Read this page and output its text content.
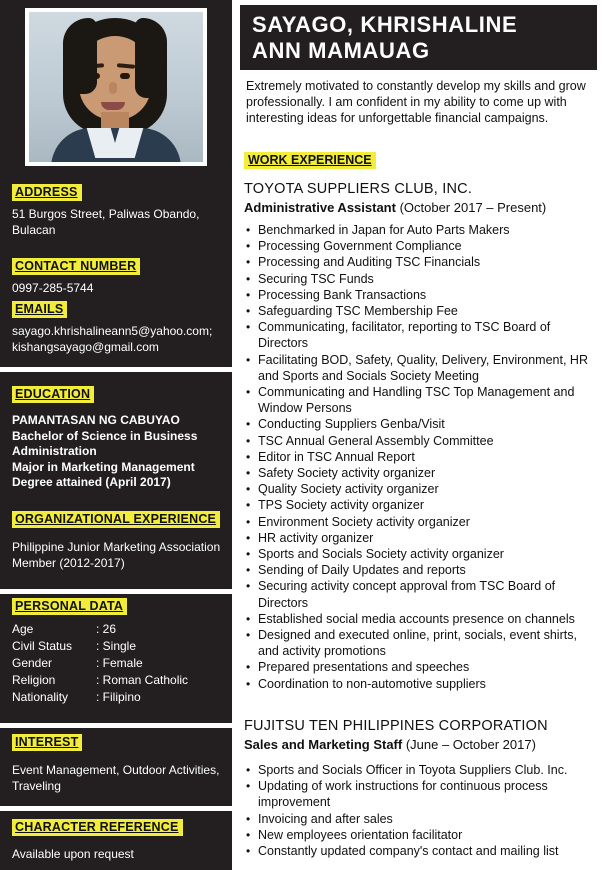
ADDRESS
51 Burgos Street, Paliwas Obando, Bulacan
CONTACT NUMBER
0997-285-5744
EMAILS
sayago.khrishalineann5@yahoo.com; kishangsayago@gmail.com
EDUCATION
PAMANTASAN NG CABUYAO
Bachelor of Science in Business Administration
Major in Marketing Management
Degree attained (April 2017)
ORGANIZATIONAL EXPERIENCE
Philippine Junior Marketing Association Member (2012-2017)
PERSONAL DATA
Age	: 26
Civil Status	: Single
Gender	: Female
Religion	: Roman Catholic
Nationality	: Filipino
INTEREST
Event Management, Outdoor Activities, Traveling
CHARACTER REFERENCE
Available upon request
SAYAGO, KHRISHALINE
ANN MAMAUAG
Extremely motivated to constantly develop my skills and grow professionally. I am confident in my ability to come up with interesting ideas for unforgettable financial campaigns.
WORK EXPERIENCE
TOYOTA SUPPLIERS CLUB, INC.
Administrative Assistant (October 2017 – Present)
• Benchmarked in Japan for Auto Parts Makers
• Processing Government Compliance
• Processing and Auditing TSC Financials
• Securing TSC Funds
• Processing Bank Transactions
• Safeguarding TSC Membership Fee
• Communicating, facilitator, reporting to TSC Board of Directors
• Facilitating BOD, Safety, Quality, Delivery, Environment, HR and Sports and Socials Society Meeting
• Communicating and Handling TSC Top Management and Window Persons
• Conducting Suppliers Genba/Visit
• TSC Annual General Assembly Committee
• Editor in TSC Annual Report
• Safety Society activity organizer
• Quality Society activity organizer
• TPS Society activity organizer
• Environment Society activity organizer
• HR activity organizer
• Sports and Socials Society activity organizer
• Sending of Daily Updates and reports
• Securing activity concept approval from TSC Board of Directors
• Established social media accounts presence on channels
• Designed and executed online, print, socials, event shirts, and activity promotions
• Prepared presentations and speeches
• Coordination to non-automotive suppliers
FUJITSU TEN PHILIPPINES CORPORATION
Sales and Marketing Staff (June – October 2017)
• Sports and Socials Officer in Toyota Suppliers Club. Inc.
• Updating of work instructions for continuous process improvement
• Invoicing and after sales
• New employees orientation facilitator
• Constantly updated company's contact and mailing list
